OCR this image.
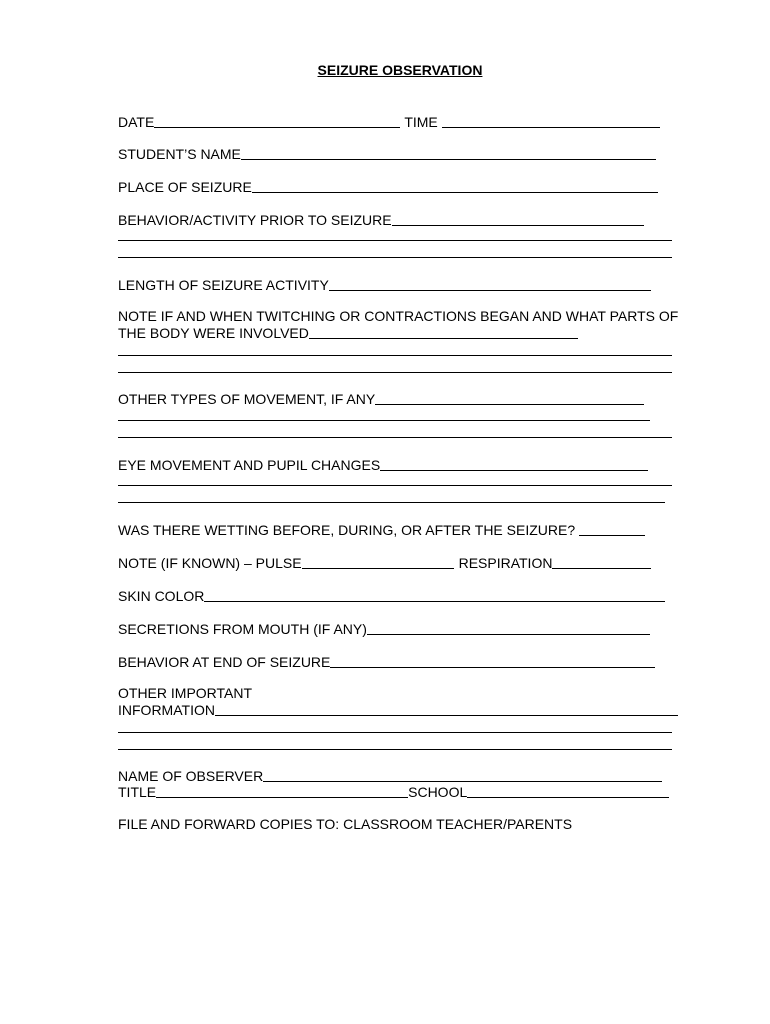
SEIZURE OBSERVATION
DATE	TIME
STUDENT’S NAME
PLACE OF SEIZURE
BEHAVIOR/ACTIVITY PRIOR TO SEIZURE
LENGTH OF SEIZURE ACTIVITY
NOTE IF AND WHEN TWITCHING OR CONTRACTIONS BEGAN AND WHAT PARTS OF
THE BODY WERE INVOLVED
OTHER TYPES OF MOVEMENT, IF ANY
EYE MOVEMENT AND PUPIL CHANGES
WAS THERE WETTING BEFORE, DURING, OR AFTER THE SEIZURE?
NOTE (IF KNOWN) – PULSE	RESPIRATION
SKIN COLOR
SECRETIONS FROM MOUTH (IF ANY)
BEHAVIOR AT END OF SEIZURE
OTHER IMPORTANT
INFORMATION
NAME OF OBSERVER
TITLE	SCHOOL
FILE AND FORWARD COPIES TO: CLASSROOM TEACHER/PARENTS
